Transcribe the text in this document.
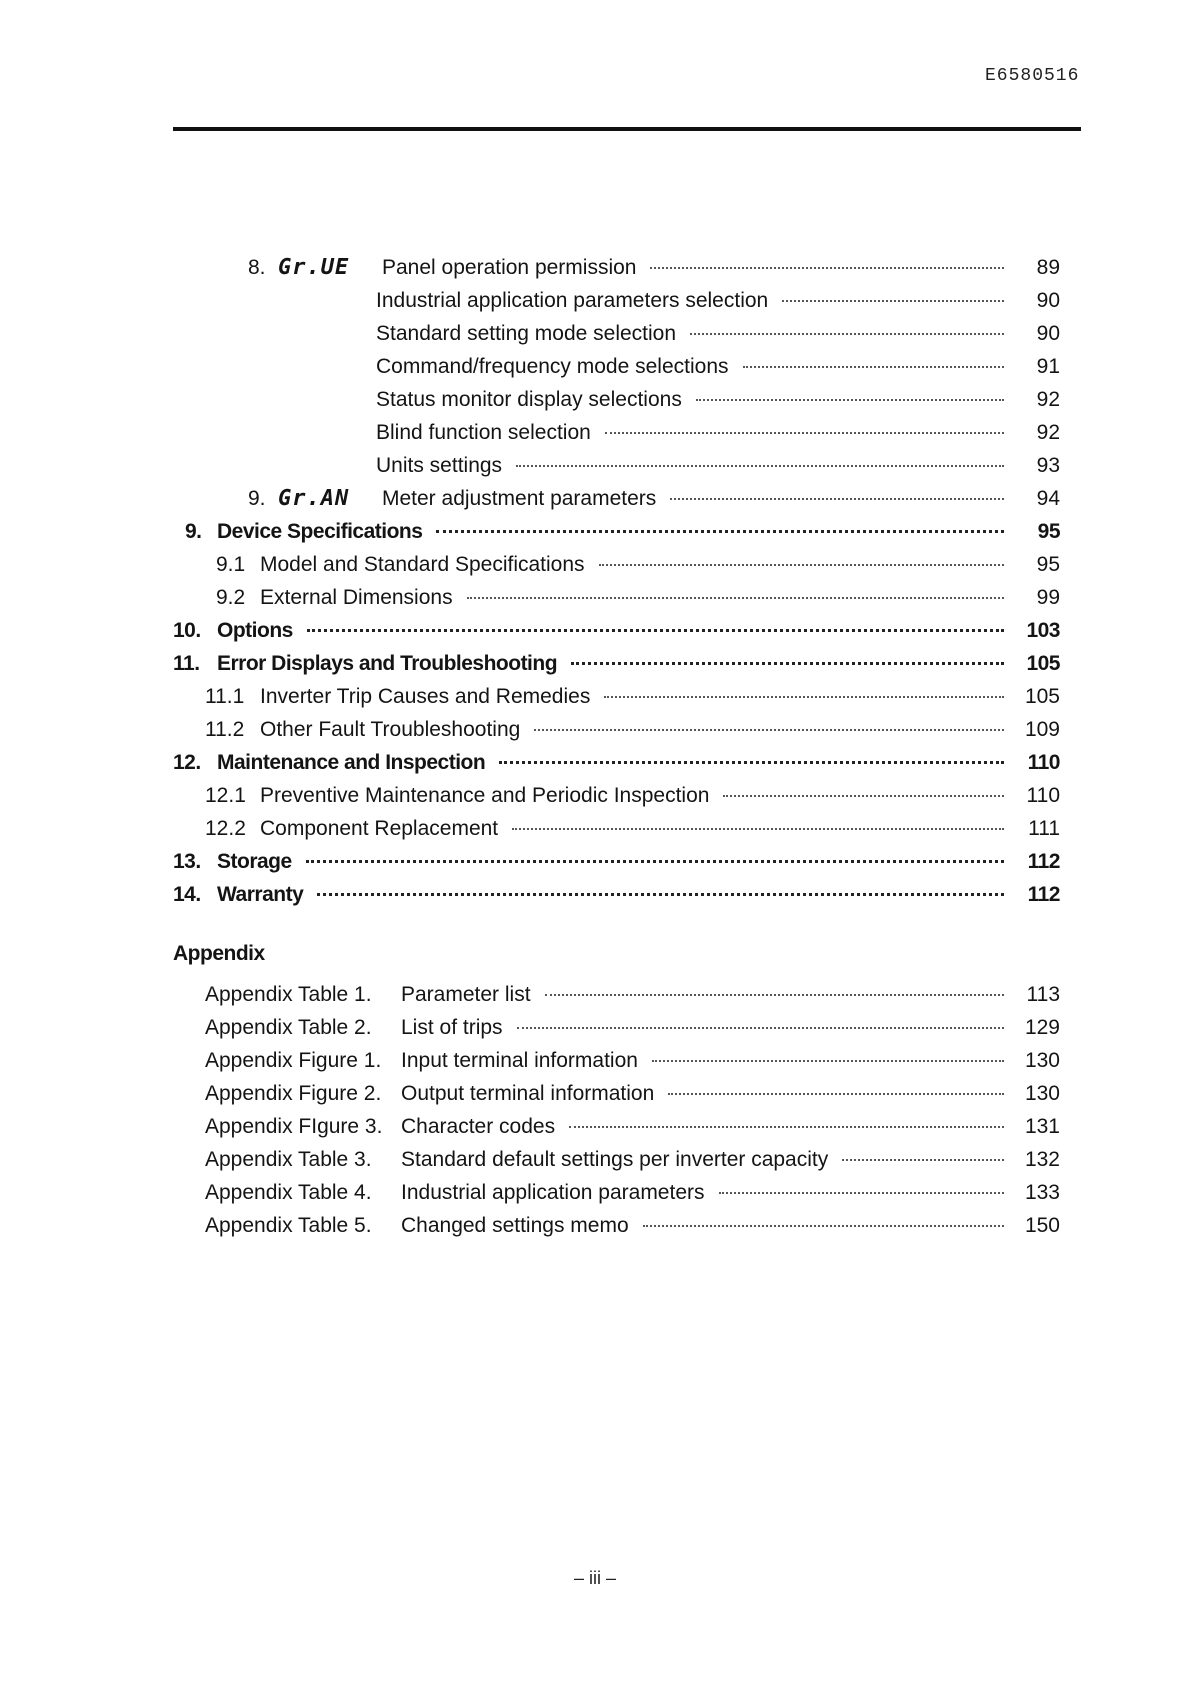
E6580516
8. Gr.UE	Panel operation permission	89
Industrial application parameters selection	90
Standard setting mode selection	90
Command/frequency mode selections	91
Status monitor display selections	92
Blind function selection	92
Units settings	93
9. Gr.AN	Meter adjustment parameters	94
9. Device Specifications	95
9.1 Model and Standard Specifications	95
9.2 External Dimensions	99
10. Options	103
11. Error Displays and Troubleshooting	105
11.1 Inverter Trip Causes and Remedies	105
11.2 Other Fault Troubleshooting	109
12. Maintenance and Inspection	110
12.1 Preventive Maintenance and Periodic Inspection	110
12.2 Component Replacement	111
13. Storage	112
14. Warranty	112
Appendix
Appendix Table 1.	Parameter list	113
Appendix Table 2.	List of trips	129
Appendix Figure 1. Input terminal information	130
Appendix Figure 2. Output terminal information	130
Appendix FIgure 3. Character codes	131
Appendix Table 3.	Standard default settings per inverter capacity	132
Appendix Table 4.	Industrial application parameters	133
Appendix Table 5.	Changed settings memo	150
– iii –
